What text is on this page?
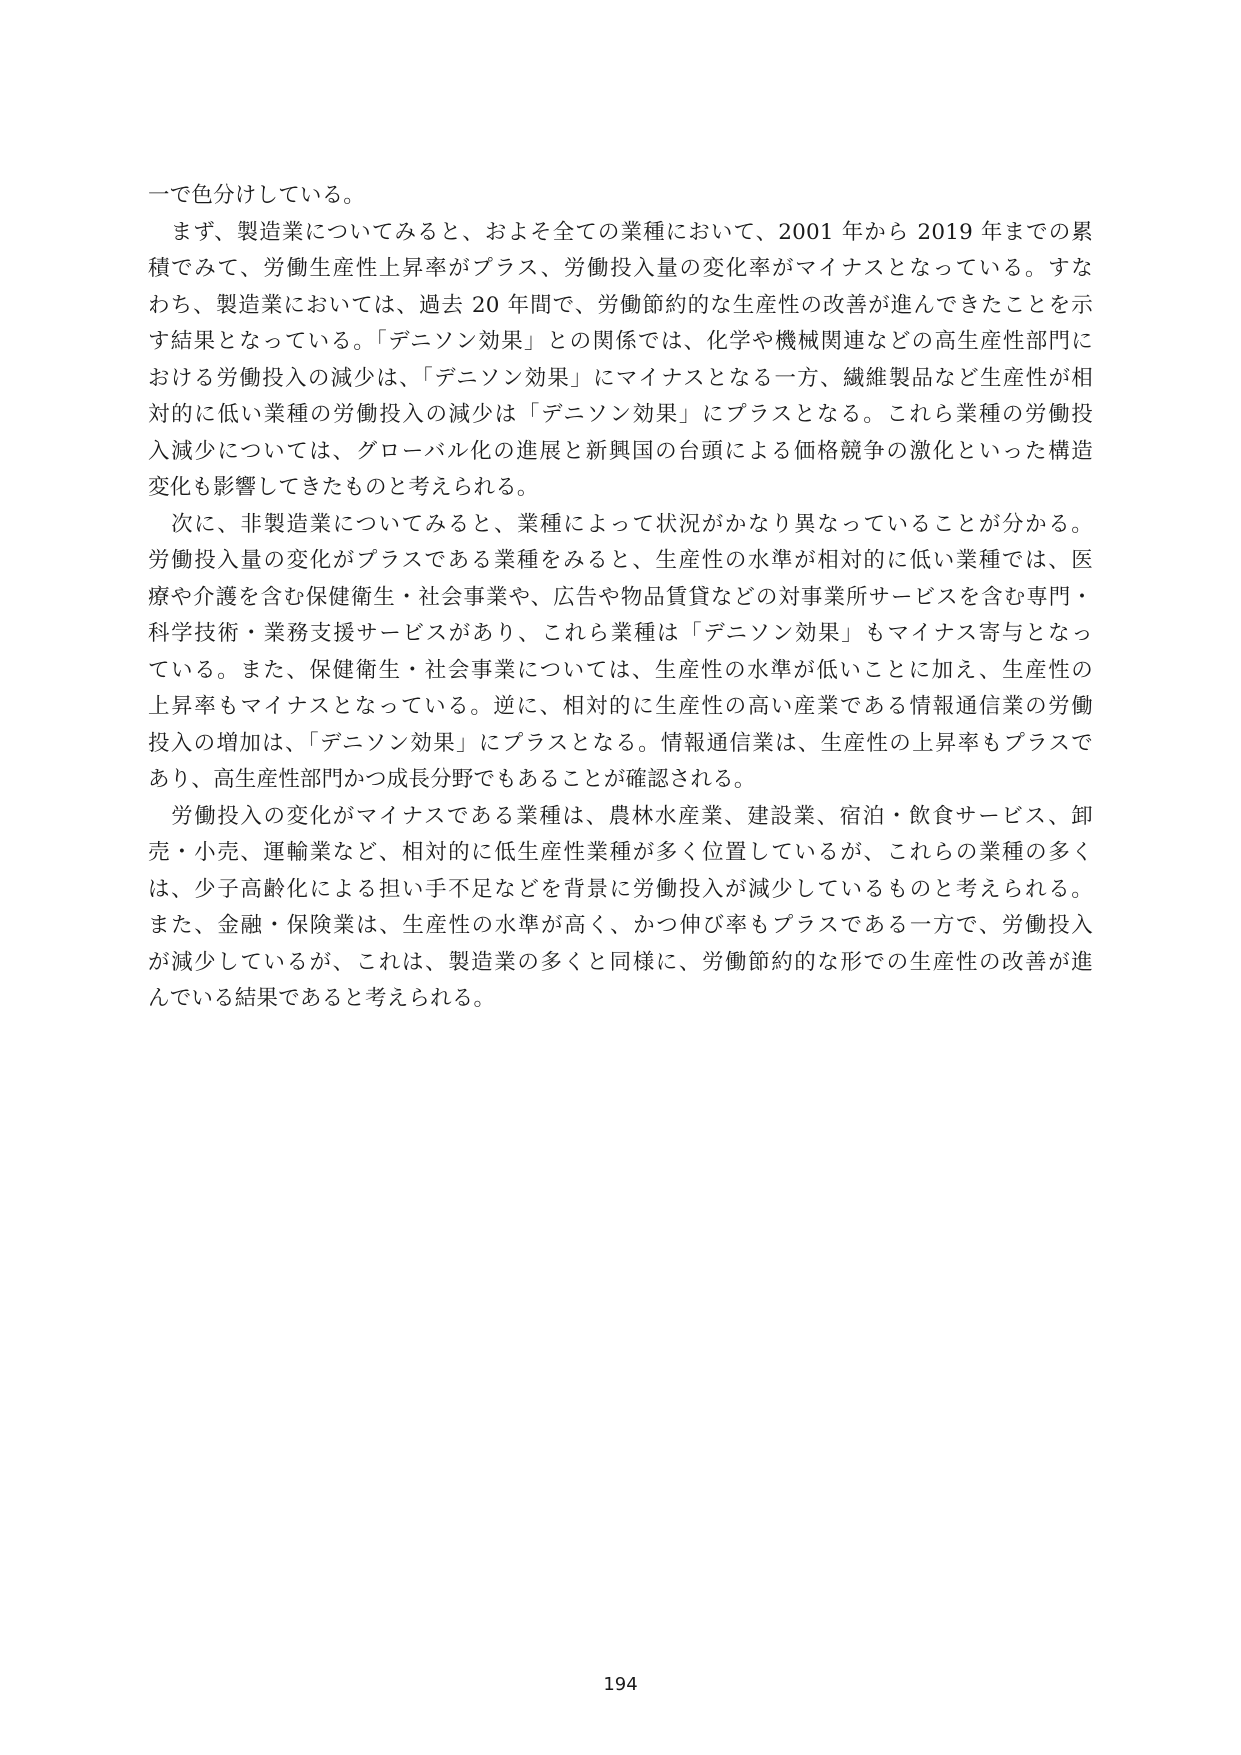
一で色分けしている。
　まず、製造業についてみると、およそ全ての業種において、2001 年から 2019 年までの累
積でみて、労働生産性上昇率がプラス、労働投入量の変化率がマイナスとなっている。すな
わち、製造業においては、過去 20 年間で、労働節約的な生産性の改善が進んできたことを示
す結果となっている。「デニソン効果」との関係では、化学や機械関連などの高生産性部門に
おける労働投入の減少は、「デニソン効果」にマイナスとなる一方、繊維製品など生産性が相
対的に低い業種の労働投入の減少は「デニソン効果」にプラスとなる。これら業種の労働投
入減少については、グローバル化の進展と新興国の台頭による価格競争の激化といった構造
変化も影響してきたものと考えられる。
　次に、非製造業についてみると、業種によって状況がかなり異なっていることが分かる。
労働投入量の変化がプラスである業種をみると、生産性の水準が相対的に低い業種では、医
療や介護を含む保健衛生・社会事業や、広告や物品賃貸などの対事業所サービスを含む専門・
科学技術・業務支援サービスがあり、これら業種は「デニソン効果」もマイナス寄与となっ
ている。また、保健衛生・社会事業については、生産性の水準が低いことに加え、生産性の
上昇率もマイナスとなっている。逆に、相対的に生産性の高い産業である情報通信業の労働
投入の増加は、「デニソン効果」にプラスとなる。情報通信業は、生産性の上昇率もプラスで
あり、高生産性部門かつ成長分野でもあることが確認される。
　労働投入の変化がマイナスである業種は、農林水産業、建設業、宿泊・飲食サービス、卸
売・小売、運輸業など、相対的に低生産性業種が多く位置しているが、これらの業種の多く
は、少子高齢化による担い手不足などを背景に労働投入が減少しているものと考えられる。
また、金融・保険業は、生産性の水準が高く、かつ伸び率もプラスである一方で、労働投入
が減少しているが、これは、製造業の多くと同様に、労働節約的な形での生産性の改善が進
んでいる結果であると考えられる。
194
